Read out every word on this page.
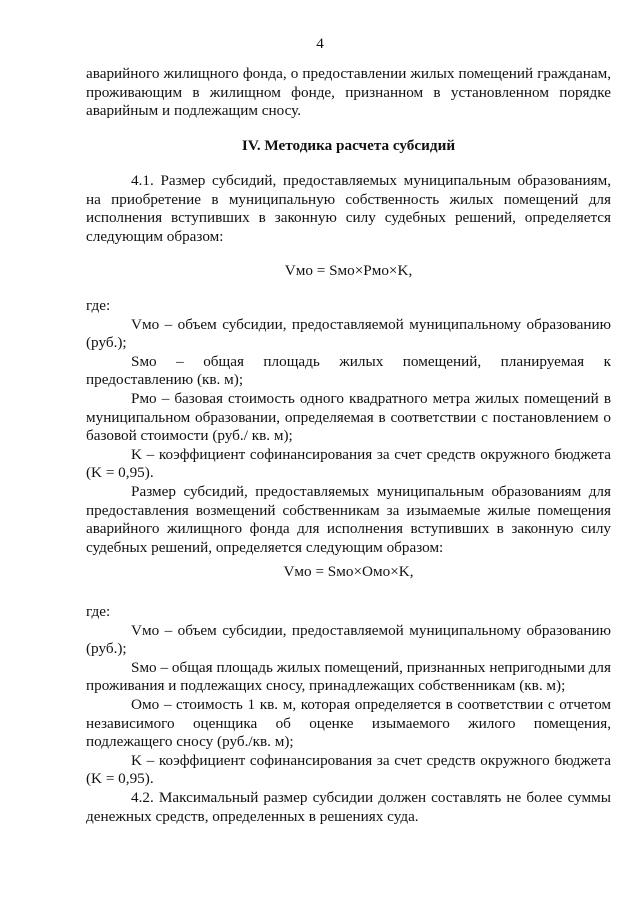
4

аварийного жилищного фонда, о предоставлении жилых помещений гражданам, проживающим в жилищном фонде, признанном в установленном порядке аварийным и подлежащим сносу.

IV. Методика расчета субсидий

4.1. Размер субсидий, предоставляемых муниципальным образованиям, на приобретение в муниципальную собственность жилых помещений для исполнения вступивших в законную силу судебных решений, определяется следующим образом:

Vмо = Sмо×Pмо×K,

где:

Vмо – объем субсидии, предоставляемой муниципальному образованию (руб.);

Sмо – общая площадь жилых помещений, планируемая к предоставлению (кв. м);

Pмо – базовая стоимость одного квадратного метра жилых помещений в муниципальном образовании, определяемая в соответствии с постановлением о базовой стоимости (руб./ кв. м);

K – коэффициент софинансирования за счет средств окружного бюджета (K = 0,95).

Размер субсидий, предоставляемых муниципальным образованиям для предоставления возмещений собственникам за изымаемые жилые помещения аварийного жилищного фонда для исполнения вступивших в законную силу судебных решений, определяется следующим образом:

Vмо = Sмо×Oмо×K,

где:

Vмо – объем субсидии, предоставляемой муниципальному образованию (руб.);

Sмо – общая площадь жилых помещений, признанных непригодными для проживания и подлежащих сносу, принадлежащих собственникам (кв. м);

Омо – стоимость 1 кв. м, которая определяется в соответствии с отчетом независимого оценщика об оценке изымаемого жилого помещения, подлежащего сносу (руб./кв. м);

K – коэффициент софинансирования за счет средств окружного бюджета (K = 0,95).

4.2. Максимальный размер субсидии должен составлять не более суммы денежных средств, определенных в решениях суда.
